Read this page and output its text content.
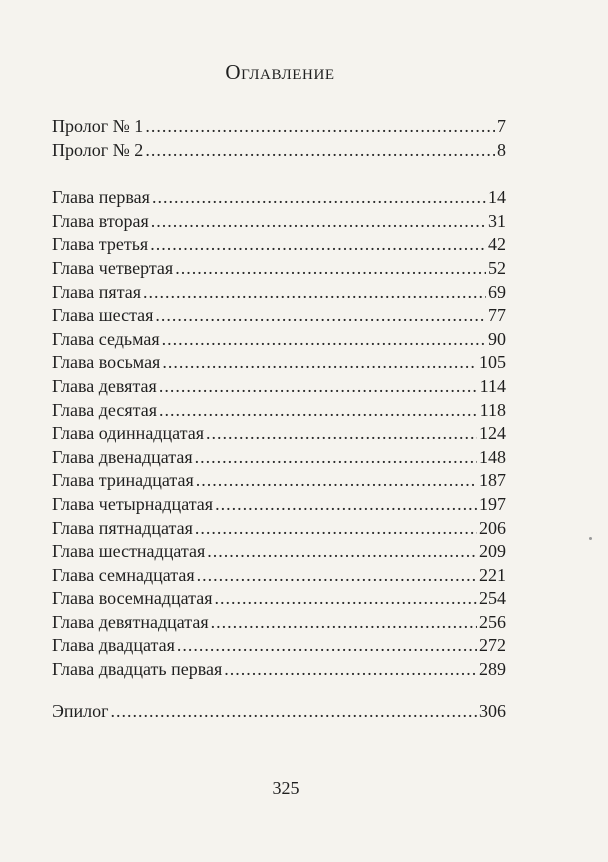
Оглавление
Пролог № 1 .....	7
Пролог № 2 .....	8
Глава первая .....	14
Глава вторая .....	31
Глава третья .....	42
Глава четвертая .....	52
Глава пятая .....	69
Глава шестая .....	77
Глава седьмая .....	90
Глава восьмая .....	105
Глава девятая .....	114
Глава десятая .....	118
Глава одиннадцатая .....	124
Глава двенадцатая .....	148
Глава тринадцатая .....	187
Глава четырнадцатая .....	197
Глава пятнадцатая .....	206
Глава шестнадцатая .....	209
Глава семнадцатая .....	221
Глава восемнадцатая .....	254
Глава девятнадцатая .....	256
Глава двадцатая .....	272
Глава двадцать первая .....	289
Эпилог .....	306
325
